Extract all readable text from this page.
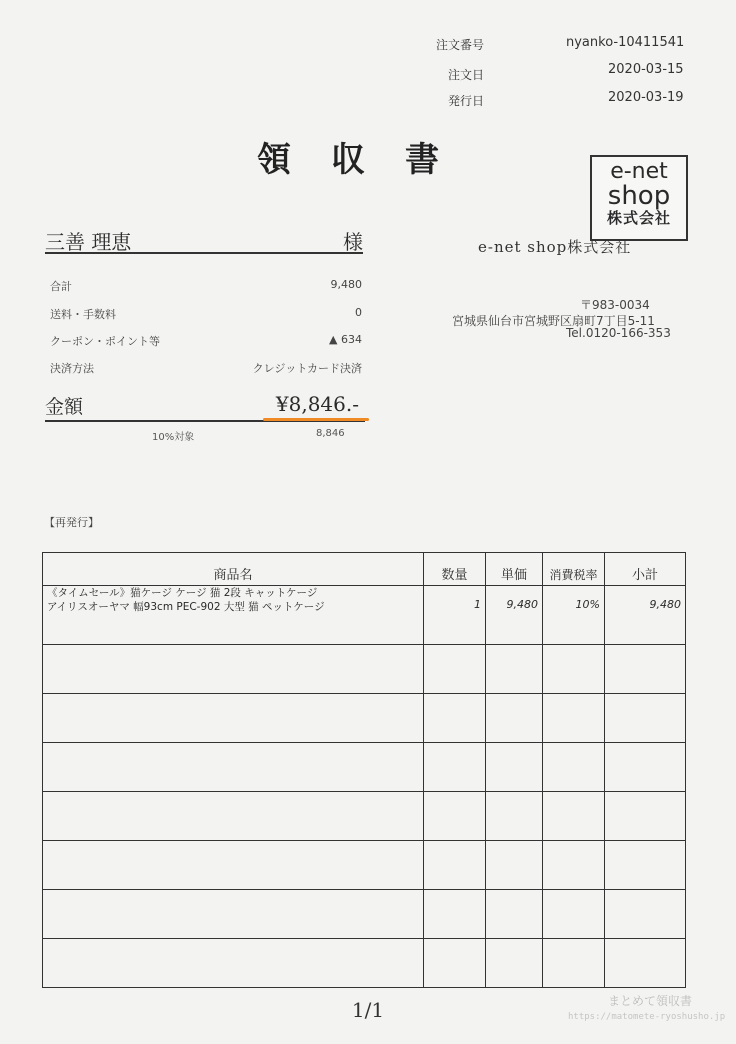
注文番号	nyanko-10411541
注文日	2020-03-15
発行日	2020-03-19
領収書	e-net
shop
株式会社
三善 理恵	様	e-net shop株式会社
〒983-0034
宮城県仙台市宮城野区扇町7丁目5-11
Tel.0120-166-353
合計	9,480
送料・手数料	0
クーポン・ポイント等	▲ 634
決済方法	クレジットカード決済
金額	¥8,846.-
10%対象	8,846
【再発行】
商品名	数量	単価	消費税率	小計

《タイムセール》猫ケージ ケージ 猫 2段 キャットケージ
アイリスオーヤマ 幅93cm PEC-902 大型 猫 ペットケージ	1	9,480	10%	9,480

1/1	まとめて領収書
https://matomete-ryoshusho.jp
